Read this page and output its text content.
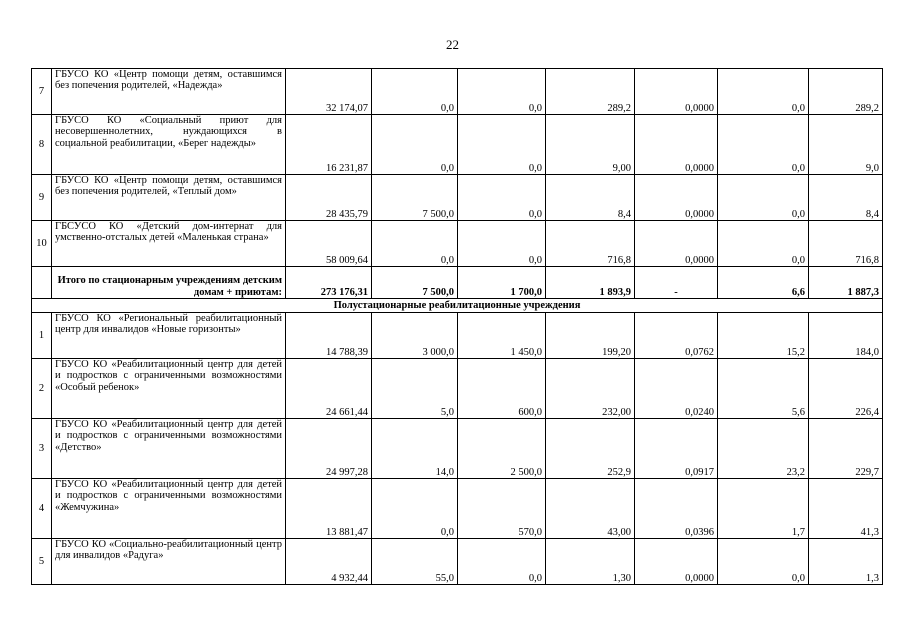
22
7	ГБУСО КО «Центр помощи детям, оставшимся без попечения родителей, «Надежда»	32 174,07	0,0	0,0	289,2	0,0000	0,0	289,2
8	ГБУСО КО «Социальный приют для несовершеннолетних, нуждающихся в социальной реабилитации, «Берег надежды»	16 231,87	0,0	0,0	9,00	0,0000	0,0	9,0
9	ГБУСО КО «Центр помощи детям, оставшимся без попечения родителей, «Теплый дом»	28 435,79	7 500,0	0,0	8,4	0,0000	0,0	8,4
10	ГБСУСО КО «Детский дом-интернат для умственно-отсталых детей «Маленькая страна»	58 009,64	0,0	0,0	716,8	0,0000	0,0	716,8
	Итого по стационарным учреждениям детским домам + приютам:	273 176,31	7 500,0	1 700,0	1 893,9	-	6,6	1 887,3
Полустационарные реабилитационные учреждения								
1	ГБУСО КО «Региональный реабилитационный центр для инвалидов «Новые горизонты»	14 788,39	3 000,0	1 450,0	199,20	0,0762	15,2	184,0
2	ГБУСО КО «Реабилитационный центр для детей и подростков с ограниченными возможностями «Особый ребенок»	24 661,44	5,0	600,0	232,00	0,0240	5,6	226,4
3	ГБУСО КО «Реабилитационный центр для детей и подростков с ограниченными возможностями «Детство»	24 997,28	14,0	2 500,0	252,9	0,0917	23,2	229,7
4	ГБУСО КО «Реабилитационный центр для детей и подростков с ограниченными возможностями «Жемчужина»	13 881,47	0,0	570,0	43,00	0,0396	1,7	41,3
5	ГБУСО КО «Социально-реабилитационный центр для инвалидов «Радуга»	4 932,44	55,0	0,0	1,30	0,0000	0,0	1,3
